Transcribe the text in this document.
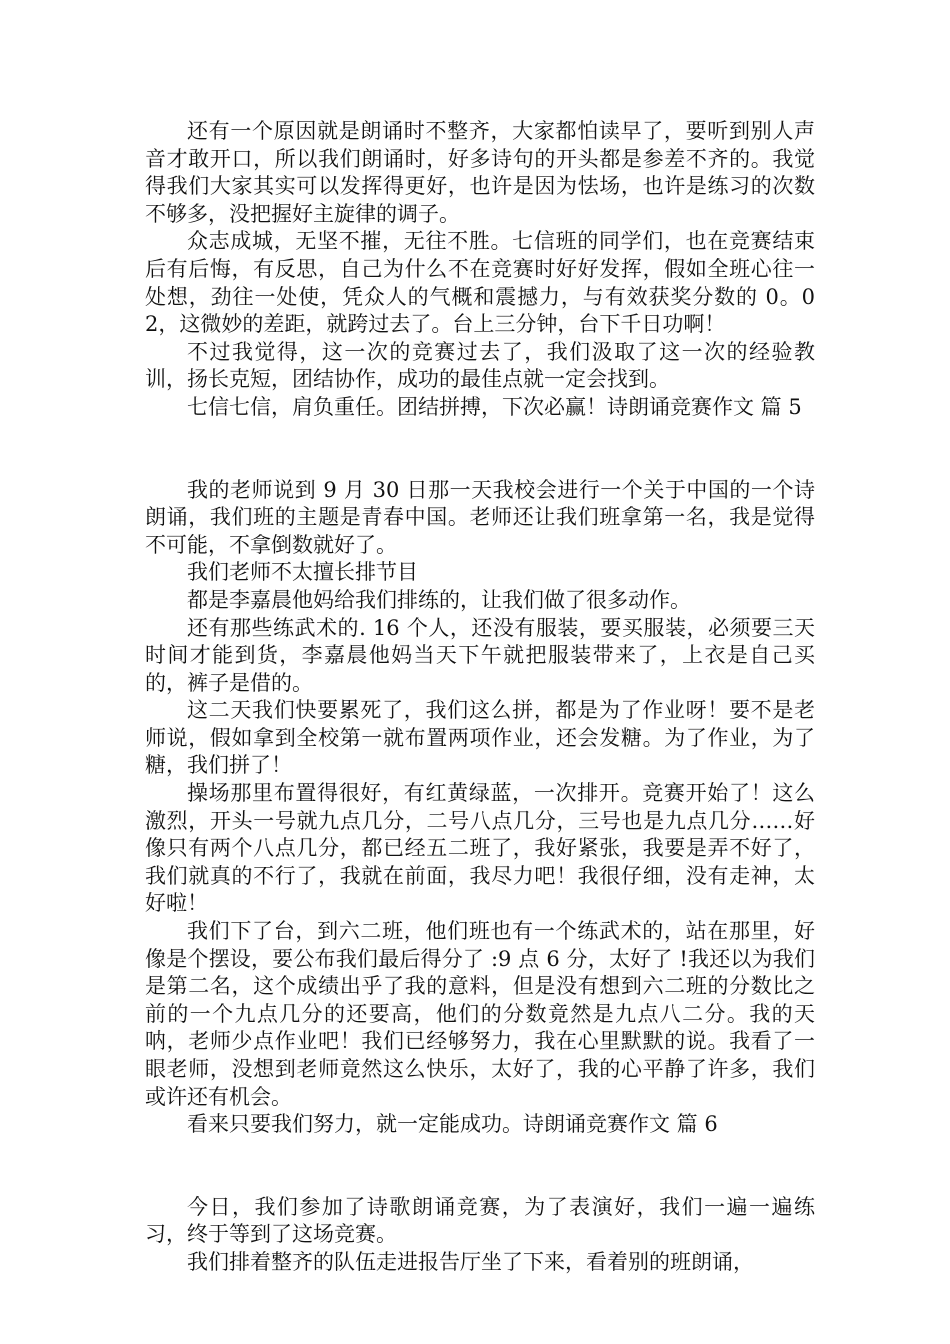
还有一个原因就是朗诵时不整齐，大家都怕读早了，要听到别人声音才敢开口，所以我们朗诵时，好多诗句的开头都是参差不齐的。我觉得我们大家其实可以发挥得更好，也许是因为怯场，也许是练习的次数不够多，没把握好主旋律的调子。

众志成城，无坚不摧，无往不胜。七信班的同学们，也在竞赛结束后有后悔，有反思，自己为什么不在竞赛时好好发挥，假如全班心往一处想，劲往一处使，凭众人的气概和震撼力，与有效获奖分数的 0。02，这微妙的差距，就跨过去了。台上三分钟，台下千日功啊！

不过我觉得，这一次的竞赛过去了，我们汲取了这一次的经验教训，扬长克短，团结协作，成功的最佳点就一定会找到。

七信七信，肩负重任。团结拼搏，下次必赢！诗朗诵竞赛作文 篇 5

我的老师说到 9 月 30 日那一天我校会进行一个关于中国的一个诗朗诵，我们班的主题是青春中国。老师还让我们班拿第一名，我是觉得不可能，不拿倒数就好了。

我们老师不太擅长排节目

都是李嘉晨他妈给我们排练的，让我们做了很多动作。

还有那些练武术的. 16 个人，还没有服装，要买服装，必须要三天时间才能到货，李嘉晨他妈当天下午就把服装带来了，上衣是自己买的，裤子是借的。

这二天我们快要累死了，我们这么拼，都是为了作业呀！要不是老师说，假如拿到全校第一就布置两项作业，还会发糖。为了作业，为了糖，我们拼了！

操场那里布置得很好，有红黄绿蓝，一次排开。竞赛开始了！这么激烈，开头一号就九点几分，二号八点几分，三号也是九点几分……好像只有两个八点几分，都已经五二班了，我好紧张，我要是弄不好了，我们就真的不行了，我就在前面，我尽力吧！我很仔细，没有走神，太好啦！

我们下了台，到六二班，他们班也有一个练武术的，站在那里，好像是个摆设，要公布我们最后得分了 :9 点 6 分，太好了 !我还以为我们是第二名，这个成绩出乎了我的意料，但是没有想到六二班的分数比之前的一个九点几分的还要高，他们的分数竟然是九点八二分。我的天呐，老师少点作业吧！我们已经够努力，我在心里默默的说。我看了一眼老师，没想到老师竟然这么快乐，太好了，我的心平静了许多，我们或许还有机会。

看来只要我们努力，就一定能成功。诗朗诵竞赛作文 篇 6

今日，我们参加了诗歌朗诵竞赛，为了表演好，我们一遍一遍练习，终于等到了这场竞赛。

我们排着整齐的队伍走进报告厅坐了下来，看着别的班朗诵，
